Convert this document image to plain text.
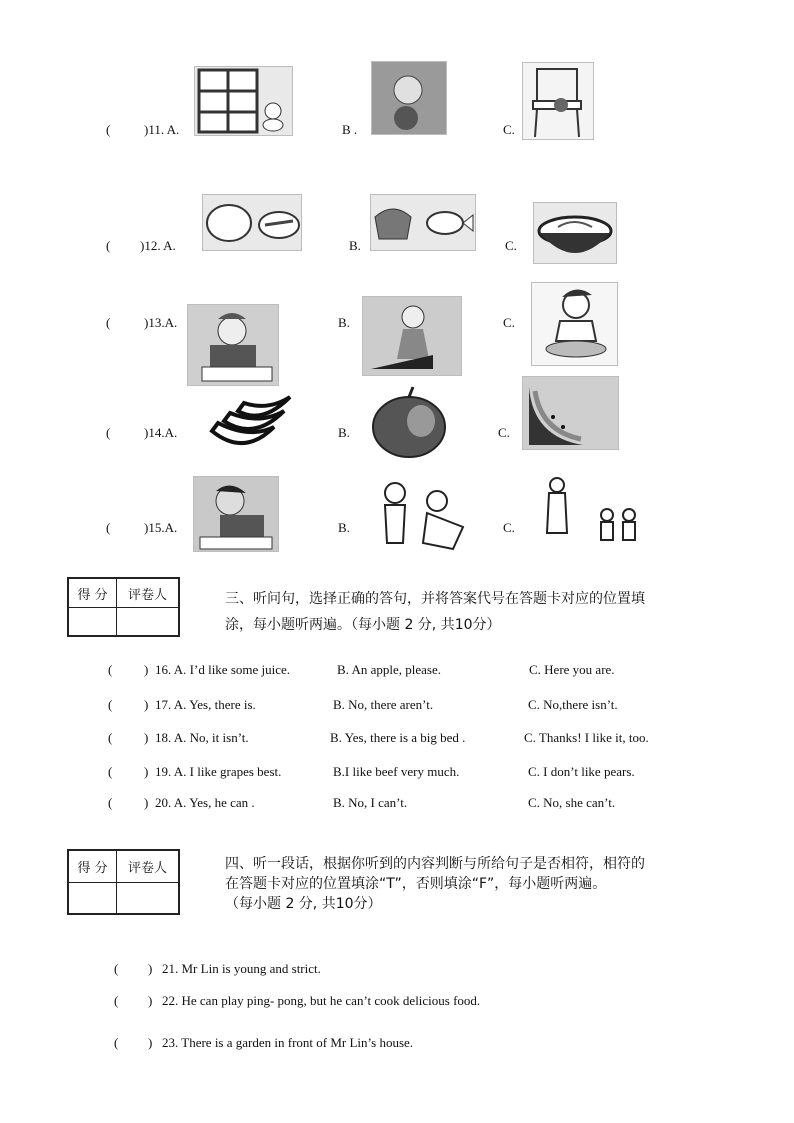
(	)11. A.	B .	C.
( )12. A.	B.	C.
(	)13.A.	B.	C.
(	)14.A.	B.	C.
(	)15.A.	B.	C.
得 分	评卷人
		三、听问句，选择正确的答句，并将答案代号在答题卡对应的位置填
涂，每小题听两遍。（每小题 2 分, 共10分）
( ) 16. A. I’d like some juice.	B. An apple, please.	C. Here you are.
( ) 17. A. Yes, there is.	B. No, there aren’t.	C. No,there isn’t.
( ) 18. A. No, it isn’t.	B. Yes, there is a big bed .	C. Thanks! I like it, too.
( ) 19. A. I like grapes best.	B.I like beef very much.	C. I don’t like pears.
( ) 20. A. Yes, he can .	B. No, I can’t.	C. No, she can’t.
得 分	评卷人
		四、听一段话，根据你听到的内容判断与所给句子是否相符，相符的
在答题卡对应的位置填涂“T”，否则填涂“F”，每小题听两遍。
（每小题 2 分, 共10分）
( ) 21. Mr Lin is young and strict.
( ) 22. He can play ping- pong, but he can’t cook delicious food.
( ) 23. There is a garden in front of Mr Lin’s house.
